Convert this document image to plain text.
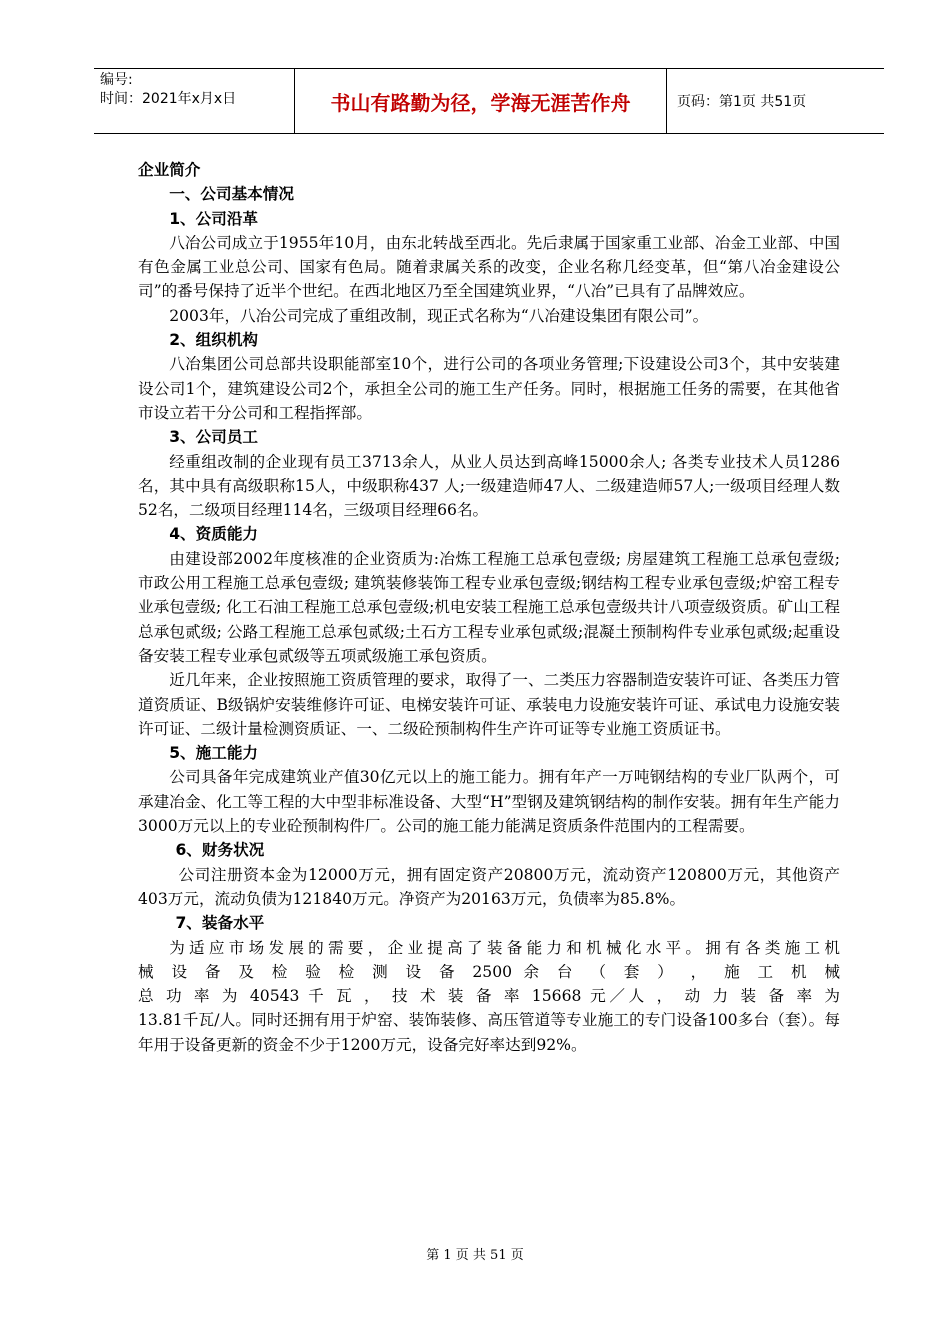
编号:
时间：2021年x月x日	书山有路勤为径，学海无涯苦作舟	页码：第1页 共51页

企业简介

一、公司基本情况

1、公司沿革

八冶公司成立于1955年10月，由东北转战至西北。先后隶属于国家重工业部、冶金工业部、中国有色金属工业总公司、国家有色局。随着隶属关系的改变，企业名称几经变革，但“第八冶金建设公司”的番号保持了近半个世纪。在西北地区乃至全国建筑业界，“八冶”已具有了品牌效应。

2003年，八冶公司完成了重组改制，现正式名称为“八冶建设集团有限公司”。

2、组织机构

八冶集团公司总部共设职能部室10个，进行公司的各项业务管理;下设建设公司3个，其中安装建设公司1个，建筑建设公司2个，承担全公司的施工生产任务。同时，根据施工任务的需要，在其他省市设立若干分公司和工程指挥部。

3、公司员工

经重组改制的企业现有员工3713余人，从业人员达到高峰15000余人; 各类专业技术人员1286名，其中具有高级职称15人，中级职称437 人;一级建造师47人、二级建造师57人;一级项目经理人数52名，二级项目经理114名，三级项目经理66名。

4、资质能力

由建设部2002年度核准的企业资质为:冶炼工程施工总承包壹级; 房屋建筑工程施工总承包壹级; 市政公用工程施工总承包壹级; 建筑装修装饰工程专业承包壹级;钢结构工程专业承包壹级;炉窑工程专业承包壹级; 化工石油工程施工总承包壹级;机电安装工程施工总承包壹级共计八项壹级资质。矿山工程总承包贰级; 公路工程施工总承包贰级;土石方工程专业承包贰级;混凝土预制构件专业承包贰级;起重设备安装工程专业承包贰级等五项贰级施工承包资质。

近几年来，企业按照施工资质管理的要求，取得了一、二类压力容器制造安装许可证、各类压力管道资质证、B级锅炉安装维修许可证、电梯安装许可证、承装电力设施安装许可证、承试电力设施安装许可证、二级计量检测资质证、一、二级砼预制构件生产许可证等专业施工资质证书。

5、施工能力

公司具备年完成建筑业产值30亿元以上的施工能力。拥有年产一万吨钢结构的专业厂队两个，可承建冶金、化工等工程的大中型非标准设备、大型“H”型钢及建筑钢结构的制作安装。拥有年生产能力3000万元以上的专业砼预制构件厂。公司的施工能力能满足资质条件范围内的工程需要。

6、财务状况

公司注册资本金为12000万元，拥有固定资产20800万元，流动资产120800万元，其他资产403万元，流动负债为121840万元。净资产为20163万元，负债率为85.8%。

7、装备水平

为适应市场发展的需要，企业提高了装备能力和机械化水平。拥有各类施工机

械 设 备 及 检 验 检 测 设 备 2500 余 台 （ 套 ） ， 施 工 机 械

总 功 率 为 40543 千 瓦 ， 技 术 装 备 率 15668 元／人 ， 动 力 装 备 率 为

13.81千瓦/人。同时还拥有用于炉窑、装饰装修、高压管道等专业施工的专门设备100多台（套）。每年用于设备更新的资金不少于1200万元，设备完好率达到92%。

第 1 页 共 51 页
